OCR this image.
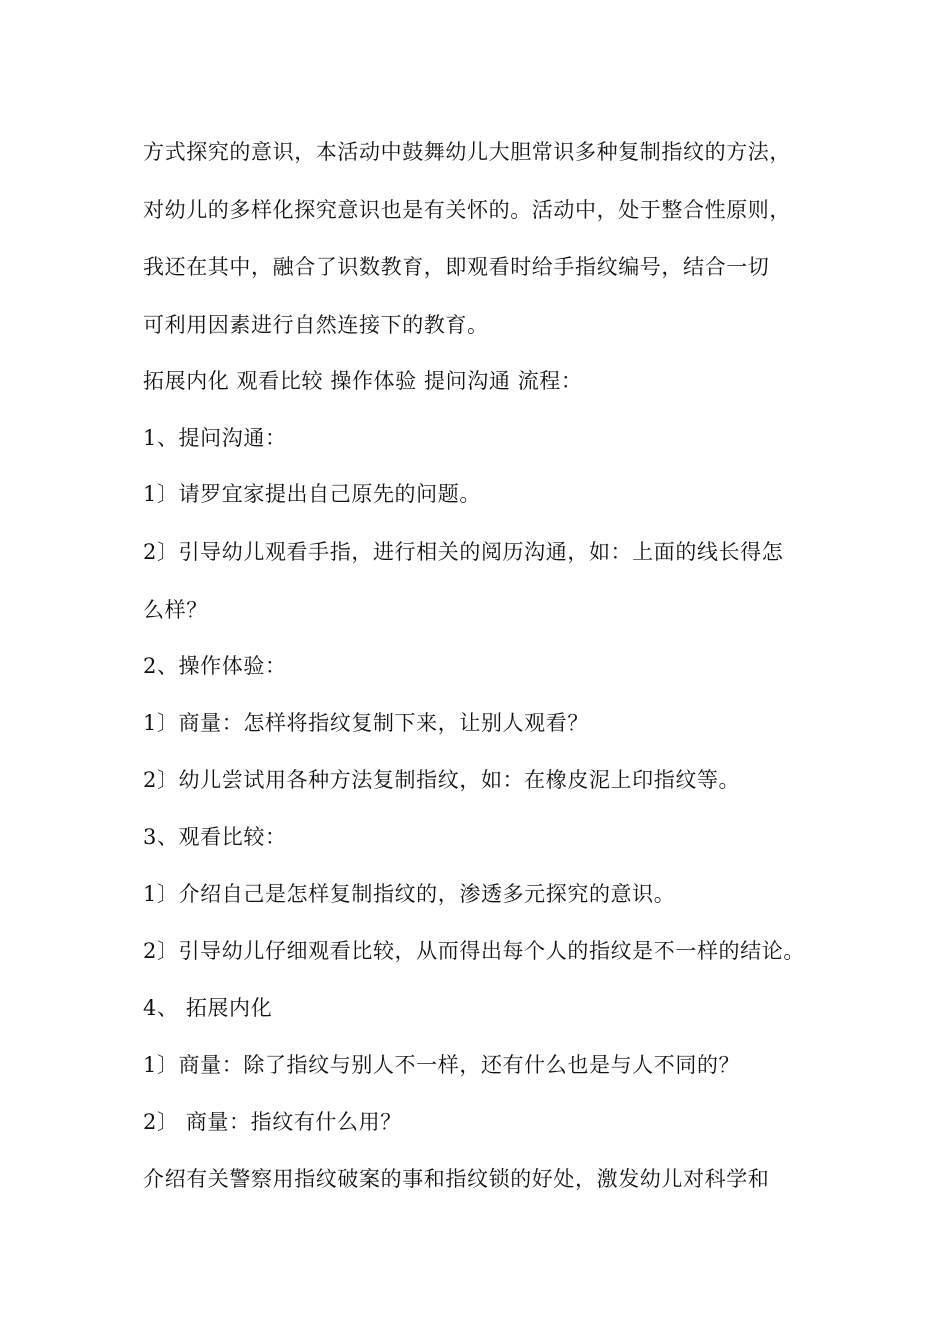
方式探究的意识，本活动中鼓舞幼儿大胆常识多种复制指纹的方法，
对幼儿的多样化探究意识也是有关怀的。活动中，处于整合性原则，
我还在其中，融合了识数教育，即观看时给手指纹编号，结合一切
可利用因素进行自然连接下的教育。
拓展内化 观看比较 操作体验 提问沟通 流程：
1、提问沟通：
1〕请罗宜家提出自己原先的问题。
2〕引导幼儿观看手指，进行相关的阅历沟通，如：上面的线长得怎
么样？
2、操作体验：
1〕商量：怎样将指纹复制下来，让别人观看？
2〕幼儿尝试用各种方法复制指纹，如：在橡皮泥上印指纹等。
3、观看比较：
1〕介绍自己是怎样复制指纹的，渗透多元探究的意识。
2〕引导幼儿仔细观看比较，从而得出每个人的指纹是不一样的结论。
4、 拓展内化
1〕商量：除了指纹与别人不一样，还有什么也是与人不同的？
2〕 商量：指纹有什么用？
介绍有关警察用指纹破案的事和指纹锁的好处，激发幼儿对科学和
